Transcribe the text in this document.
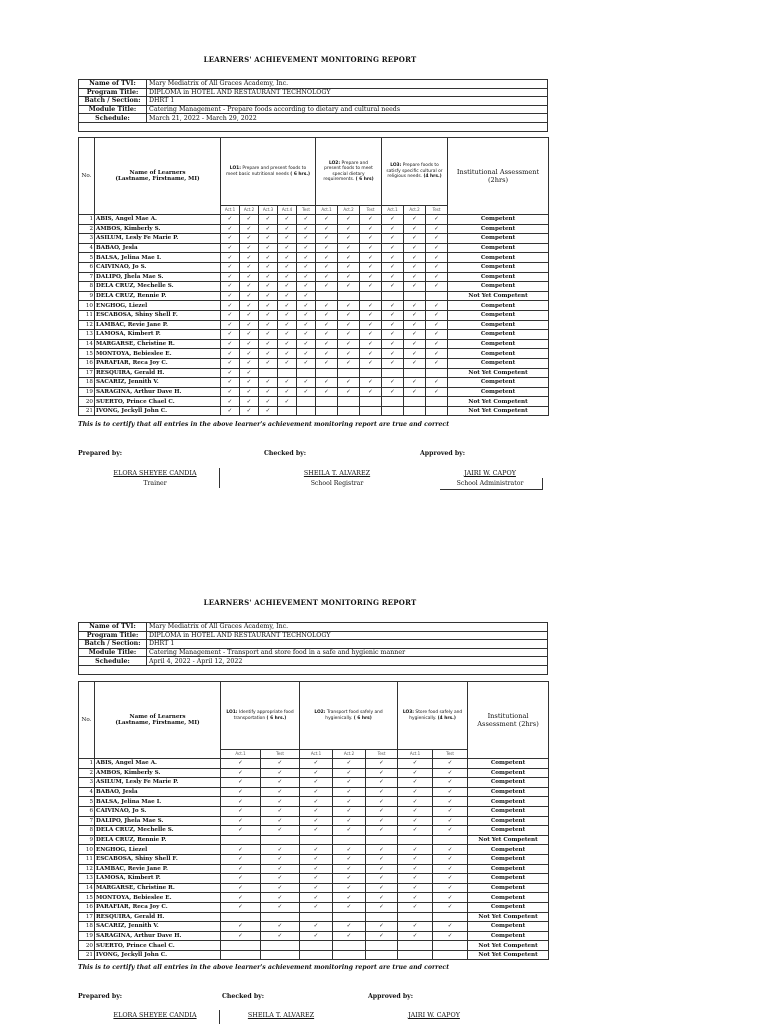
LEARNERS' ACHIEVEMENT MONITORING REPORT
Name of TVI:	Mary Mediatrix of All Graces Academy, Inc.
Program Title:	DIPLOMA in HOTEL AND RESTAURANT TECHNOLOGY
Batch / Section:	DHRT 1
Module Title:	Catering Management - Prepare foods according to dietary and cultural needs
Schedule:	March 21, 2022 - March 29, 2022

No.	Name of Learners
(Lastname, Firstname, MI)	LO1: Prepare and present foods to meet basic nutritional needs ( 6 hrs.)					LO2: Prepare and present foods to meet special dietary requirements. ( 6 hrs)			LO3: Prepare foods to satisfy specific cultural or religious needs. (4 hrs.)			Institutional Assessment (2hrs)
		Act.1	Act.2	Act.3	Act.4	Test	Act.1	Act.2	Test	Act.1	Act.2	Test	
1	ABIS, Angel Mae A.	✓	✓	✓	✓	✓	✓	✓	✓	✓	✓	✓	Competent
2	AMBOS, Kimberly S.	✓	✓	✓	✓	✓	✓	✓	✓	✓	✓	✓	Competent
3	ASILUM, Lesly Fe Marie P.	✓	✓	✓	✓	✓	✓	✓	✓	✓	✓	✓	Competent
4	BABAO, Jesla	✓	✓	✓	✓	✓	✓	✓	✓	✓	✓	✓	Competent
5	BALSA, Jelina Mae I.	✓	✓	✓	✓	✓	✓	✓	✓	✓	✓	✓	Competent
6	CAIVINAO, Jo S.	✓	✓	✓	✓	✓	✓	✓	✓	✓	✓	✓	Competent
7	DALIPO, Jhela Mae S.	✓	✓	✓	✓	✓	✓	✓	✓	✓	✓	✓	Competent
8	DELA CRUZ, Mechelle S.	✓	✓	✓	✓	✓	✓	✓	✓	✓	✓	✓	Competent
9	DELA CRUZ, Rennie P.	✓	✓	✓	✓	✓							Not Yet Competent
10	ENGHOG, Liezel	✓	✓	✓	✓	✓	✓	✓	✓	✓	✓	✓	Competent
11	ESCABOSA, Shiny Shell F.	✓	✓	✓	✓	✓	✓	✓	✓	✓	✓	✓	Competent
12	LAMBAC, Revie Jane P.	✓	✓	✓	✓	✓	✓	✓	✓	✓	✓	✓	Competent
13	LAMOSA, Kimbert P.	✓	✓	✓	✓	✓	✓	✓	✓	✓	✓	✓	Competent
14	MARGARSE, Christine R.	✓	✓	✓	✓	✓	✓	✓	✓	✓	✓	✓	Competent
15	MONTOYA, Bebieslee E.	✓	✓	✓	✓	✓	✓	✓	✓	✓	✓	✓	Competent
16	PARAFIAR, Reca Joy C.	✓	✓	✓	✓	✓	✓	✓	✓	✓	✓	✓	Competent
17	RESQUIRA, Gerald H.	✓	✓										Not Yet Competent
18	SACARIZ, Jennith V.	✓	✓	✓	✓	✓	✓	✓	✓	✓	✓	✓	Competent
19	SARAGINA, Arthur Dave H.	✓	✓	✓	✓	✓	✓	✓	✓	✓	✓	✓	Competent
20	SUERTO, Prince Chael C.	✓	✓	✓	✓								Not Yet Competent
21	IVONG, Jeckyll John C.	✓	✓	✓									Not Yet Competent
This is to certify that all entries in the above learner's achievement monitoring report are true and correct
Prepared by:	Checked by:	Approved by:
ELORA SHEYEE CANDIA	SHEILA T. ALVAREZ	JAIRI W. CAPOY
Trainer	School Registrar	School Administrator
LEARNERS' ACHIEVEMENT MONITORING REPORT
Name of TVI:	Mary Mediatrix of All Graces Academy, Inc.
Program Title:	DIPLOMA in HOTEL AND RESTAURANT TECHNOLOGY
Batch / Section:	DHRT 1
Module Title:	Catering Management - Transport and store food in a safe and hygienic manner
Schedule:	April 4, 2022 - April 12, 2022

No.	Name of Learners
(Lastname, Firstname, MI)	LO1: Identify appropriate food transportation ( 6 hrs.)		LO2: Transport food safely and hygienically. ( 6 hrs)			LO3: Store food safely and hygienically. (4 hrs.)		Institutional Assessment (2hrs)
		Act.1	Test	Act.1	Act.2	Test	Act.1	Test	
1	ABIS, Angel Mae A.	✓	✓	✓	✓	✓	✓	✓	Competent
2	AMBOS, Kimberly S.	✓	✓	✓	✓	✓	✓	✓	Competent
3	ASILUM, Lesly Fe Marie P.	✓	✓	✓	✓	✓	✓	✓	Competent
4	BABAO, Jesla	✓	✓	✓	✓	✓	✓	✓	Competent
5	BALSA, Jelina Mae I.	✓	✓	✓	✓	✓	✓	✓	Competent
6	CAIVINAO, Jo S.	✓	✓	✓	✓	✓	✓	✓	Competent
7	DALIPO, Jhela Mae S.	✓	✓	✓	✓	✓	✓	✓	Competent
8	DELA CRUZ, Mechelle S.	✓	✓	✓	✓	✓	✓	✓	Competent
9	DELA CRUZ, Rennie P.								Not Yet Competent
10	ENGHOG, Liezel	✓	✓	✓	✓	✓	✓	✓	Competent
11	ESCABOSA, Shiny Shell F.	✓	✓	✓	✓	✓	✓	✓	Competent
12	LAMBAC, Revie Jane P.	✓	✓	✓	✓	✓	✓	✓	Competent
13	LAMOSA, Kimbert P.	✓	✓	✓	✓	✓	✓	✓	Competent
14	MARGARSE, Christine R.	✓	✓	✓	✓	✓	✓	✓	Competent
15	MONTOYA, Bebieslee E.	✓	✓	✓	✓	✓	✓	✓	Competent
16	PARAFIAR, Reca Joy C.	✓	✓	✓	✓	✓	✓	✓	Competent
17	RESQUIRA, Gerald H.								Not Yet Competent
18	SACARIZ, Jennith V.	✓	✓	✓	✓	✓	✓	✓	Competent
19	SARAGINA, Arthur Dave H.	✓	✓	✓	✓	✓	✓	✓	Competent
20	SUERTO, Prince Chael C.								Not Yet Competent
21	IVONG, Jeckyll John C.								Not Yet Competent
This is to certify that all entries in the above learner's achievement monitoring report are true and correct
Prepared by:	Checked by:	Approved by:
ELORA SHEYEE CANDIA	SHEILA T. ALVAREZ	JAIRI W. CAPOY
